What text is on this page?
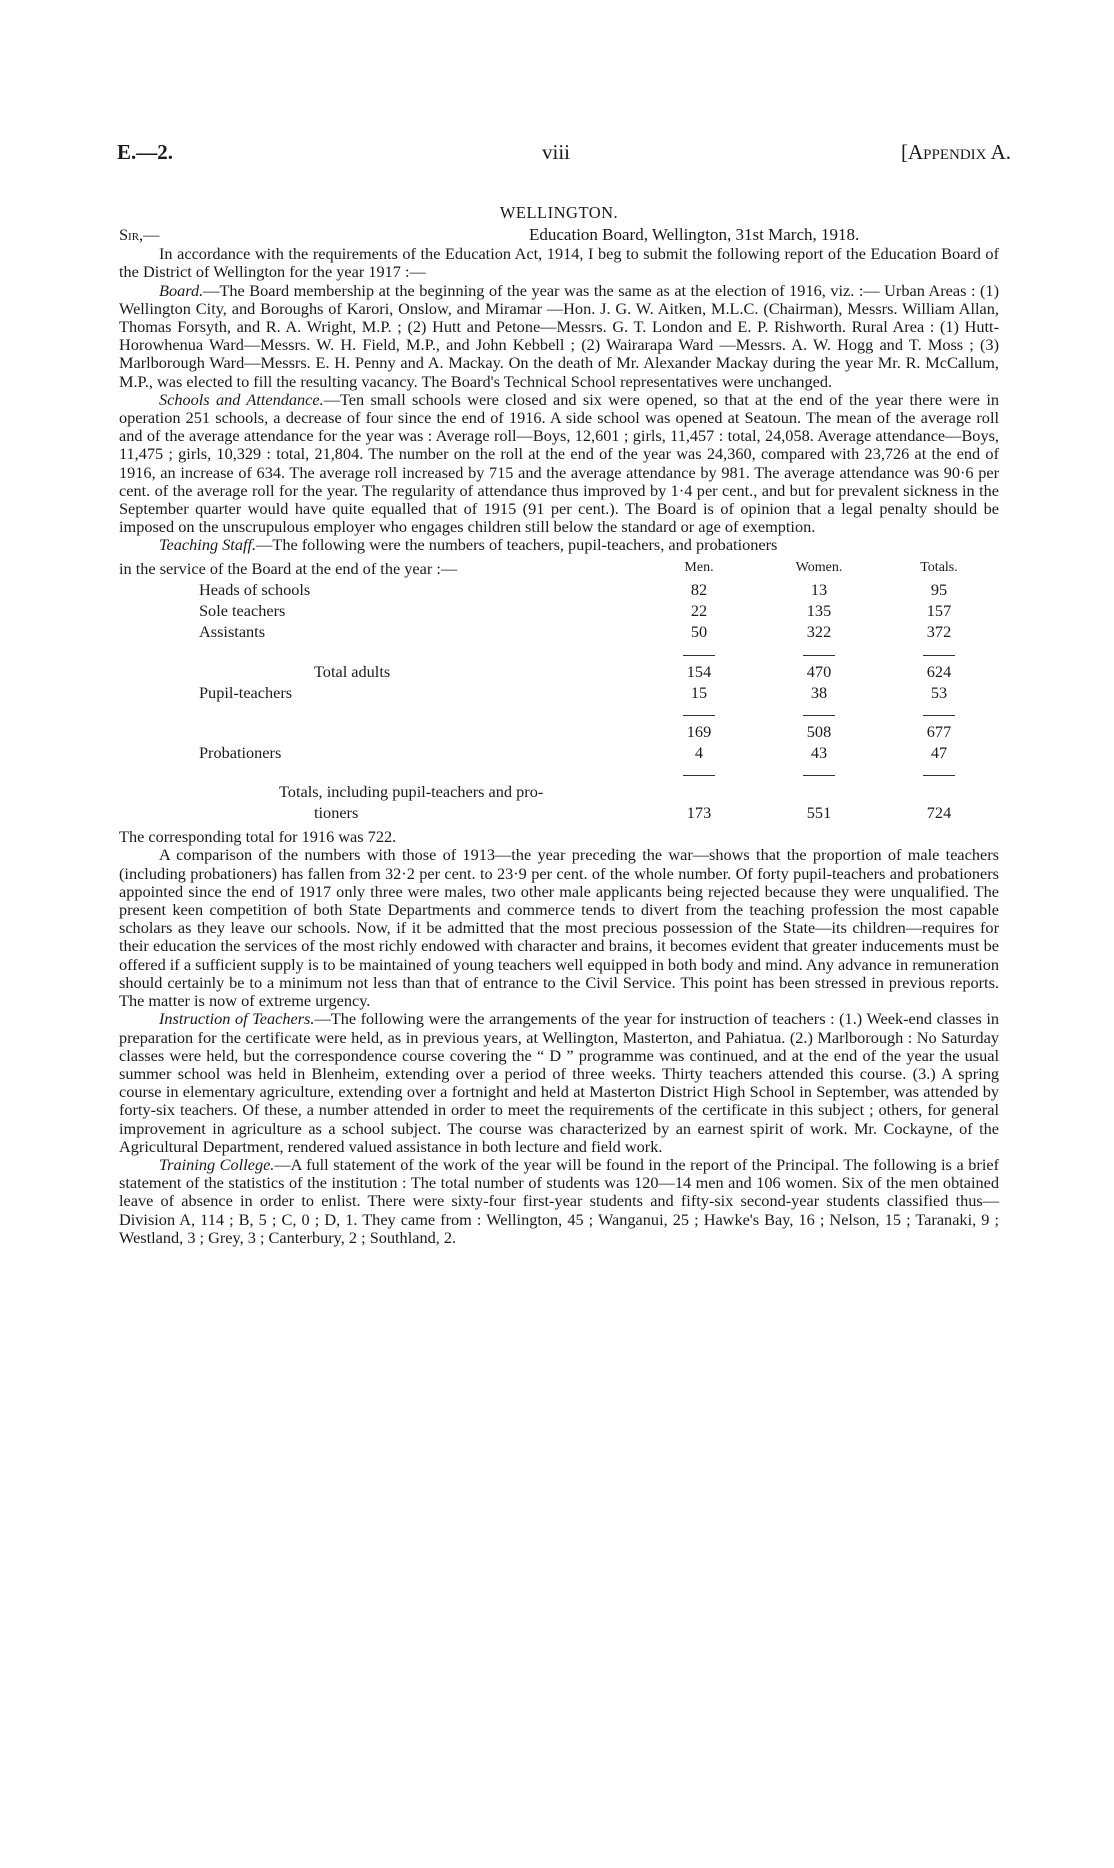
E.—2.	viii	[Appendix A.
WELLINGTON.
Sir,—	Education Board, Wellington, 31st March, 1918.

In accordance with the requirements of the Education Act, 1914, I beg to submit the following report of the Education Board of the District of Wellington for the year 1917 :—

Board.—The Board membership at the beginning of the year was the same as at the election of 1916, viz. :— Urban Areas : (1) Wellington City, and Boroughs of Karori, Onslow, and Miramar —Hon. J. G. W. Aitken, M.L.C. (Chairman), Messrs. William Allan, Thomas Forsyth, and R. A. Wright, M.P. ; (2) Hutt and Petone—Messrs. G. T. London and E. P. Rishworth. Rural Area : (1) Hutt-Horowhenua Ward—Messrs. W. H. Field, M.P., and John Kebbell ; (2) Wairarapa Ward —Messrs. A. W. Hogg and T. Moss ; (3) Marlborough Ward—Messrs. E. H. Penny and A. Mackay. On the death of Mr. Alexander Mackay during the year Mr. R. McCallum, M.P., was elected to fill the resulting vacancy. The Board's Technical School representatives were unchanged.

Schools and Attendance.—Ten small schools were closed and six were opened, so that at the end of the year there were in operation 251 schools, a decrease of four since the end of 1916. A side school was opened at Seatoun. The mean of the average roll and of the average attendance for the year was : Average roll—Boys, 12,601 ; girls, 11,457 : total, 24,058. Average attendance—Boys, 11,475 ; girls, 10,329 : total, 21,804. The number on the roll at the end of the year was 24,360, compared with 23,726 at the end of 1916, an increase of 634. The average roll increased by 715 and the average attendance by 981. The average attendance was 90·6 per cent. of the average roll for the year. The regularity of attendance thus improved by 1·4 per cent., and but for prevalent sickness in the September quarter would have quite equalled that of 1915 (91 per cent.). The Board is of opinion that a legal penalty should be imposed on the unscrupulous employer who engages children still below the standard or age of exemption.

Teaching Staff.—The following were the numbers of teachers, pupil-teachers, and probationers

in the service of the Board at the end of the year :—	Men.	Women.	Totals.
Heads of schools	82	13	95
Sole teachers	22	135	157
Assistants	50	322	372

Total adults	154	470	624
Pupil-teachers	15	38	53

	169	508	677
Probationers	4	43	47

Totals, including pupil-teachers and pro-			
tioners	173	551	724

The corresponding total for 1916 was 722.

A comparison of the numbers with those of 1913—the year preceding the war—shows that the proportion of male teachers (including probationers) has fallen from 32·2 per cent. to 23·9 per cent. of the whole number. Of forty pupil-teachers and probationers appointed since the end of 1917 only three were males, two other male applicants being rejected because they were unqualified. The present keen competition of both State Departments and commerce tends to divert from the teaching profession the most capable scholars as they leave our schools. Now, if it be admitted that the most precious possession of the State—its children—requires for their education the services of the most richly endowed with character and brains, it becomes evident that greater inducements must be offered if a sufficient supply is to be maintained of young teachers well equipped in both body and mind. Any advance in remuneration should certainly be to a minimum not less than that of entrance to the Civil Service. This point has been stressed in previous reports. The matter is now of extreme urgency.

Instruction of Teachers.—The following were the arrangements of the year for instruction of teachers : (1.) Week-end classes in preparation for the certificate were held, as in previous years, at Wellington, Masterton, and Pahiatua. (2.) Marlborough : No Saturday classes were held, but the correspondence course covering the “ D ” programme was continued, and at the end of the year the usual summer school was held in Blenheim, extending over a period of three weeks. Thirty teachers attended this course. (3.) A spring course in elementary agriculture, extending over a fortnight and held at Masterton District High School in September, was attended by forty-six teachers. Of these, a number attended in order to meet the requirements of the certificate in this subject ; others, for general improvement in agriculture as a school subject. The course was characterized by an earnest spirit of work. Mr. Cockayne, of the Agricultural Department, rendered valued assistance in both lecture and field work.

Training College.—A full statement of the work of the year will be found in the report of the Principal. The following is a brief statement of the statistics of the institution : The total number of students was 120—14 men and 106 women. Six of the men obtained leave of absence in order to enlist. There were sixty-four first-year students and fifty-six second-year students classified thus—Division A, 114 ; B, 5 ; C, 0 ; D, 1. They came from : Wellington, 45 ; Wanganui, 25 ; Hawke's Bay, 16 ; Nelson, 15 ; Taranaki, 9 ; Westland, 3 ; Grey, 3 ; Canterbury, 2 ; Southland, 2.
